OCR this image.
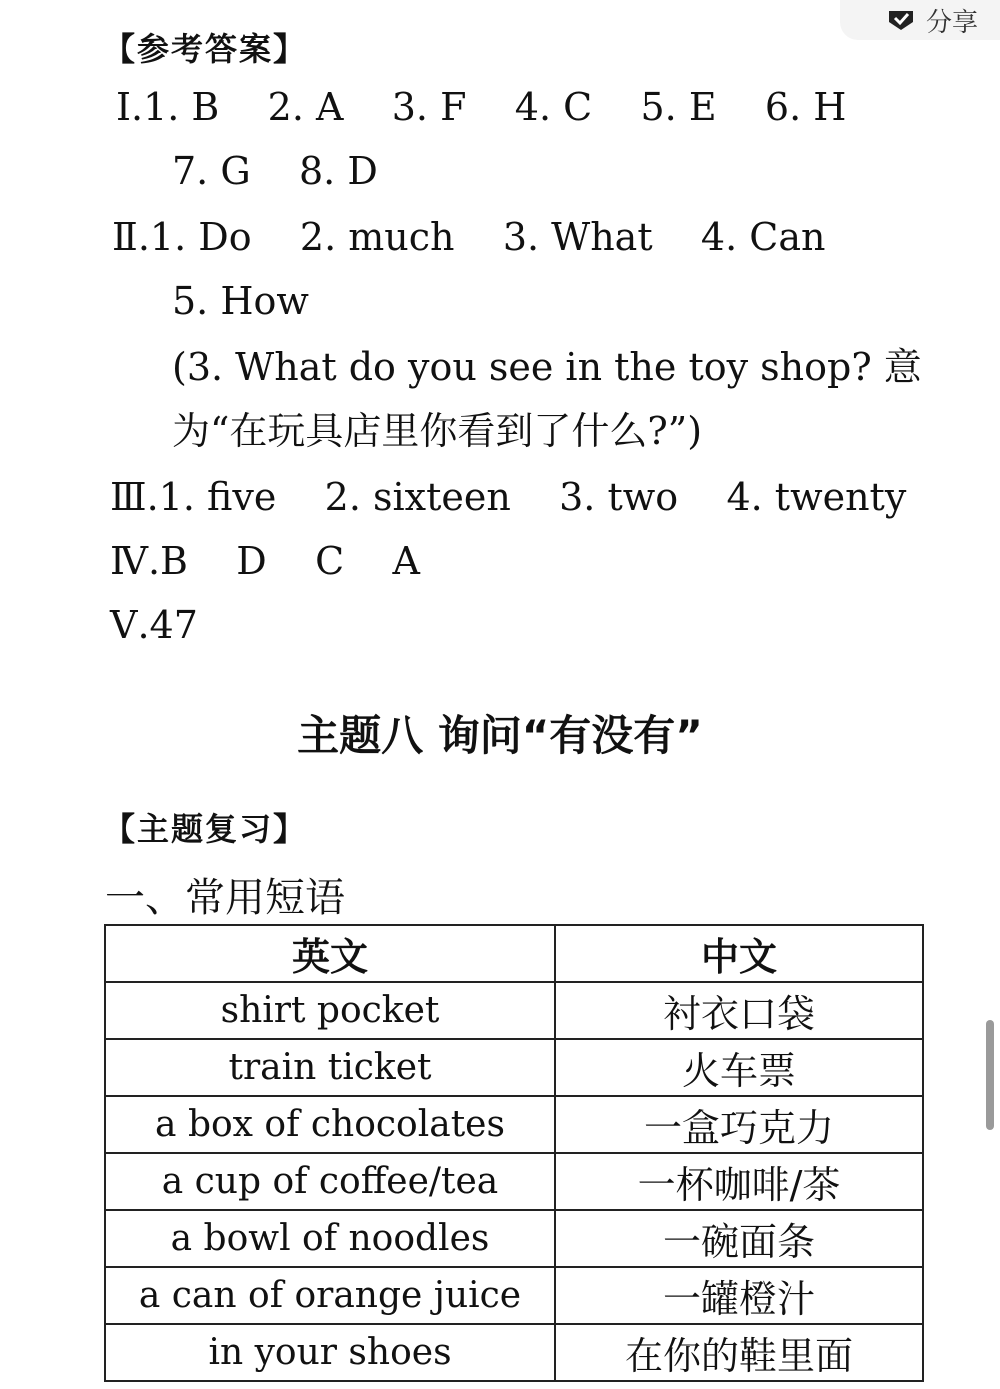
分享
【参考答案】
Ⅰ.1. B    2. A    3. F    4. C    5. E    6. H
7. G    8. D
Ⅱ.1. Do    2. much    3. What    4. Can
5. How
(3. What do you see in the toy shop? 意
为“在玩具店里你看到了什么?”)
Ⅲ.1. five    2. sixteen    3. two    4. twenty
Ⅳ.B    D    C    A
Ⅴ.47
主题八 询问“有没有”
【主题复习】
一、常用短语
英文	中文
shirt pocket	衬衣口袋
train ticket	火车票
a box of chocolates	一盒巧克力
a cup of coffee/tea	一杯咖啡/茶
a bowl of noodles	一碗面条
a can of orange juice	一罐橙汁
in your shoes	在你的鞋里面
